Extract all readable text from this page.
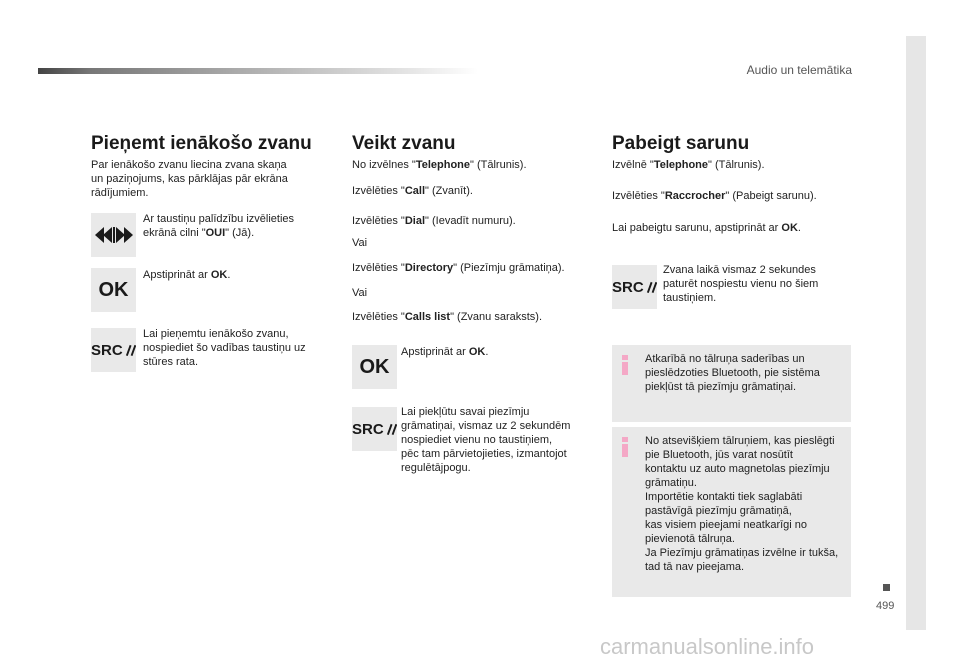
Audio un telemātika
499
Pieņemt ienākošo zvanu
Par ienākošo zvanu liecina zvana skaņa
un paziņojums, kas pārklājas pār ekrāna
rādījumiem.
Ar taustiņu palīdzību izvēlieties
ekrānā cilni "OUI" (Jā).
OK
Apstiprināt ar OK.
SRC
Lai pieņemtu ienākošo zvanu,
nospiediet šo vadības taustiņu uz
stūres rata.
Veikt zvanu
No izvēlnes "Telephone" (Tālrunis).
Izvēlēties "Call" (Zvanīt).
Izvēlēties "Dial" (Ievadīt numuru).
Vai
Izvēlēties "Directory" (Piezīmju grāmatiņa).
Vai
Izvēlēties "Calls list" (Zvanu saraksts).
OK
Apstiprināt ar OK.
SRC
Lai piekļūtu savai piezīmju
grāmatiņai, vismaz uz 2 sekundēm
nospiediet vienu no taustiņiem,
pēc tam pārvietojieties, izmantojot
regulētājpogu.
Pabeigt sarunu
Izvēlnē "Telephone" (Tālrunis).
Izvēlēties "Raccrocher" (Pabeigt sarunu).
Lai pabeigtu sarunu, apstiprināt ar OK.
SRC
Zvana laikā vismaz 2 sekundes
paturēt nospiestu vienu no šiem
taustiņiem.
Atkarībā no tālruņa saderības un
pieslēdzoties Bluetooth, pie sistēma
piekļūst tā piezīmju grāmatiņai.
No atsevišķiem tālruņiem, kas pieslēgti
pie Bluetooth, jūs varat nosūtīt
kontaktu uz auto magnetolas piezīmju
grāmatiņu.
Importētie kontakti tiek saglabāti
pastāvīgā piezīmju grāmatiņā,
kas visiem pieejami neatkarīgi no
pievienotā tālruņa.
Ja Piezīmju grāmatiņas izvēlne ir tukša,
tad tā nav pieejama.
carmanualsonline.info
